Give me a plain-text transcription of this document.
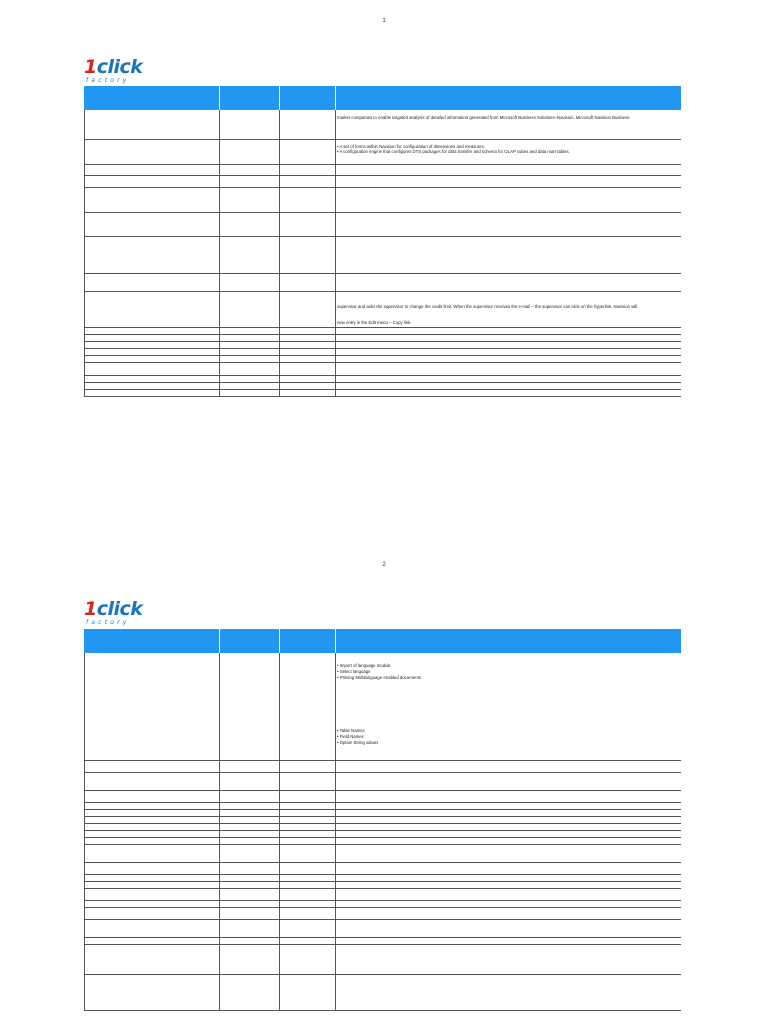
1
1click
factory
market companies to enable targeted analysis of detailed information generated from Microsoft Business Solutions–Navision. Microsoft Navision Business
• A set of forms within Navision for configuration of dimensions and measures.
• A configuration engine that configures DTS packages for data transfer and schema for OLAP cubes and data mart tables.
supervisor and asks the supervisor to change the credit limit. When the supervisor receives the e-mail – the supervisor can click on the hyperlink. Navision will
new entry in the Edit menu – Copy link.
2
1click
factory
• Import of language module
• Select language
• Printing Multilanguage enabled documents
• Table Names
• Field Names
• Option String values
